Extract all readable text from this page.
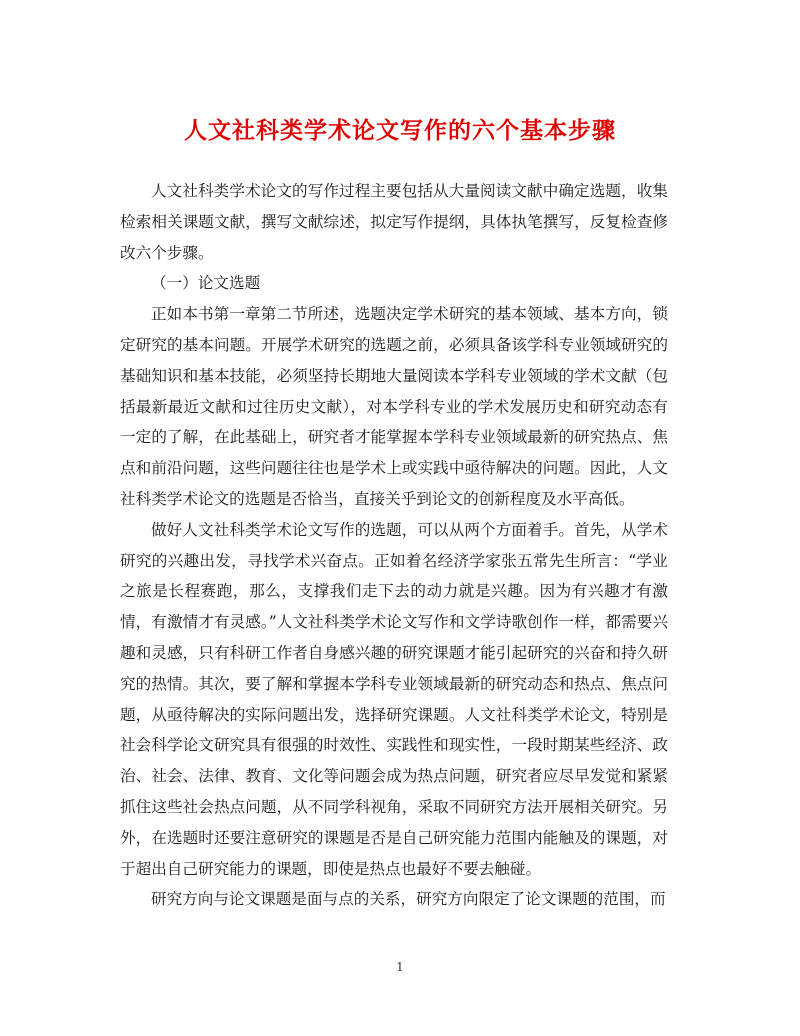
人文社科类学术论文写作的六个基本步骤

人文社科类学术论文的写作过程主要包括从大量阅读文献中确定选题，收集检索相关课题文献，撰写文献综述，拟定写作提纲，具体执笔撰写，反复检查修改六个步骤。

（一）论文选题

正如本书第一章第二节所述，选题决定学术研究的基本领域、基本方向，锁定研究的基本问题。开展学术研究的选题之前，必须具备该学科专业领域研究的基础知识和基本技能，必须坚持长期地大量阅读本学科专业领域的学术文献（包括最新最近文献和过往历史文献），对本学科专业的学术发展历史和研究动态有一定的了解，在此基础上，研究者才能掌握本学科专业领域最新的研究热点、焦点和前沿问题，这些问题往往也是学术上或实践中亟待解决的问题。因此，人文社科类学术论文的选题是否恰当，直接关乎到论文的创新程度及水平高低。

做好人文社科类学术论文写作的选题，可以从两个方面着手。首先，从学术研究的兴趣出发，寻找学术兴奋点。正如着名经济学家张五常先生所言：“学业之旅是长程赛跑，那么，支撑我们走下去的动力就是兴趣。因为有兴趣才有激情，有激情才有灵感。”人文社科类学术论文写作和文学诗歌创作一样，都需要兴趣和灵感，只有科研工作者自身感兴趣的研究课题才能引起研究的兴奋和持久研究的热情。其次，要了解和掌握本学科专业领域最新的研究动态和热点、焦点问题，从亟待解决的实际问题出发，选择研究课题。人文社科类学术论文，特别是社会科学论文研究具有很强的时效性、实践性和现实性，一段时期某些经济、政治、社会、法律、教育、文化等问题会成为热点问题，研究者应尽早发觉和紧紧抓住这些社会热点问题，从不同学科视角，采取不同研究方法开展相关研究。另外，在选题时还要注意研究的课题是否是自己研究能力范围内能触及的课题，对于超出自己研究能力的课题，即使是热点也最好不要去触碰。

研究方向与论文课题是面与点的关系，研究方向限定了论文课题的范围，而

1
